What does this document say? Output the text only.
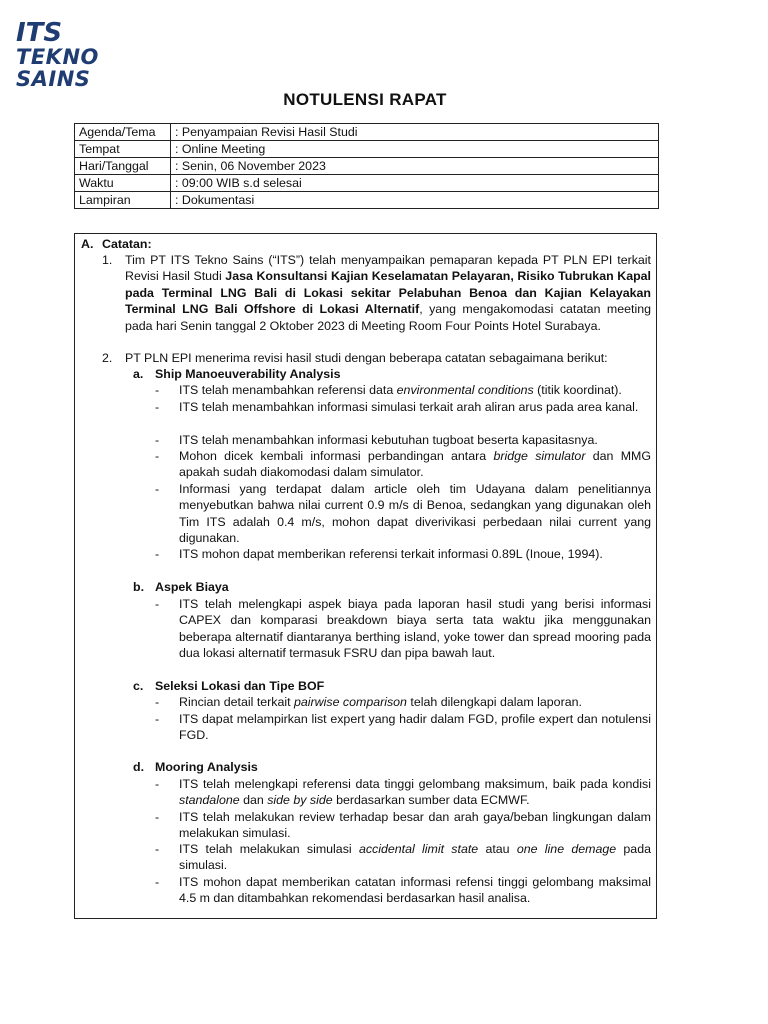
ITS
TEKNO
SAINS
NOTULENSI RAPAT
Agenda/Tema	: Penyampaian Revisi Hasil Studi
Tempat	: Online Meeting
Hari/Tanggal	: Senin, 06 November 2023
Waktu	: 09:00 WIB s.d selesai
Lampiran	: Dokumentasi
A. Catatan:
1. Tim PT ITS Tekno Sains (“ITS”) telah menyampaikan pemaparan kepada PT PLN EPI terkait Revisi Hasil Studi Jasa Konsultansi Kajian Keselamatan Pelayaran, Risiko Tubrukan Kapal pada Terminal LNG Bali di Lokasi sekitar Pelabuhan Benoa dan Kajian Kelayakan Terminal LNG Bali Offshore di Lokasi Alternatif, yang mengakomodasi catatan meeting pada hari Senin tanggal 2 Oktober 2023 di Meeting Room Four Points Hotel Surabaya.
2. PT PLN EPI menerima revisi hasil studi dengan beberapa catatan sebagaimana berikut:
a. Ship Manoeuverability Analysis
- ITS telah menambahkan referensi data environmental conditions (titik koordinat).
- ITS telah menambahkan informasi simulasi terkait arah aliran arus pada area kanal.
- ITS telah menambahkan informasi kebutuhan tugboat beserta kapasitasnya.
- Mohon dicek kembali informasi perbandingan antara bridge simulator dan MMG apakah sudah diakomodasi dalam simulator.
- Informasi yang terdapat dalam article oleh tim Udayana dalam penelitiannya menyebutkan bahwa nilai current 0.9 m/s di Benoa, sedangkan yang digunakan oleh Tim ITS adalah 0.4 m/s, mohon dapat diverivikasi perbedaan nilai current yang digunakan.
- ITS mohon dapat memberikan referensi terkait informasi 0.89L (Inoue, 1994).
b. Aspek Biaya
- ITS telah melengkapi aspek biaya pada laporan hasil studi yang berisi informasi CAPEX dan komparasi breakdown biaya serta tata waktu jika menggunakan beberapa alternatif diantaranya berthing island, yoke tower dan spread mooring pada dua lokasi alternatif termasuk FSRU dan pipa bawah laut.
c. Seleksi Lokasi dan Tipe BOF
- Rincian detail terkait pairwise comparison telah dilengkapi dalam laporan.
- ITS dapat melampirkan list expert yang hadir dalam FGD, profile expert dan notulensi FGD.
d. Mooring Analysis
- ITS telah melengkapi referensi data tinggi gelombang maksimum, baik pada kondisi standalone dan side by side berdasarkan sumber data ECMWF.
- ITS telah melakukan review terhadap besar dan arah gaya/beban lingkungan dalam melakukan simulasi.
- ITS telah melakukan simulasi accidental limit state atau one line demage pada simulasi.
- ITS mohon dapat memberikan catatan informasi refensi tinggi gelombang maksimal 4.5 m dan ditambahkan rekomendasi berdasarkan hasil analisa.
